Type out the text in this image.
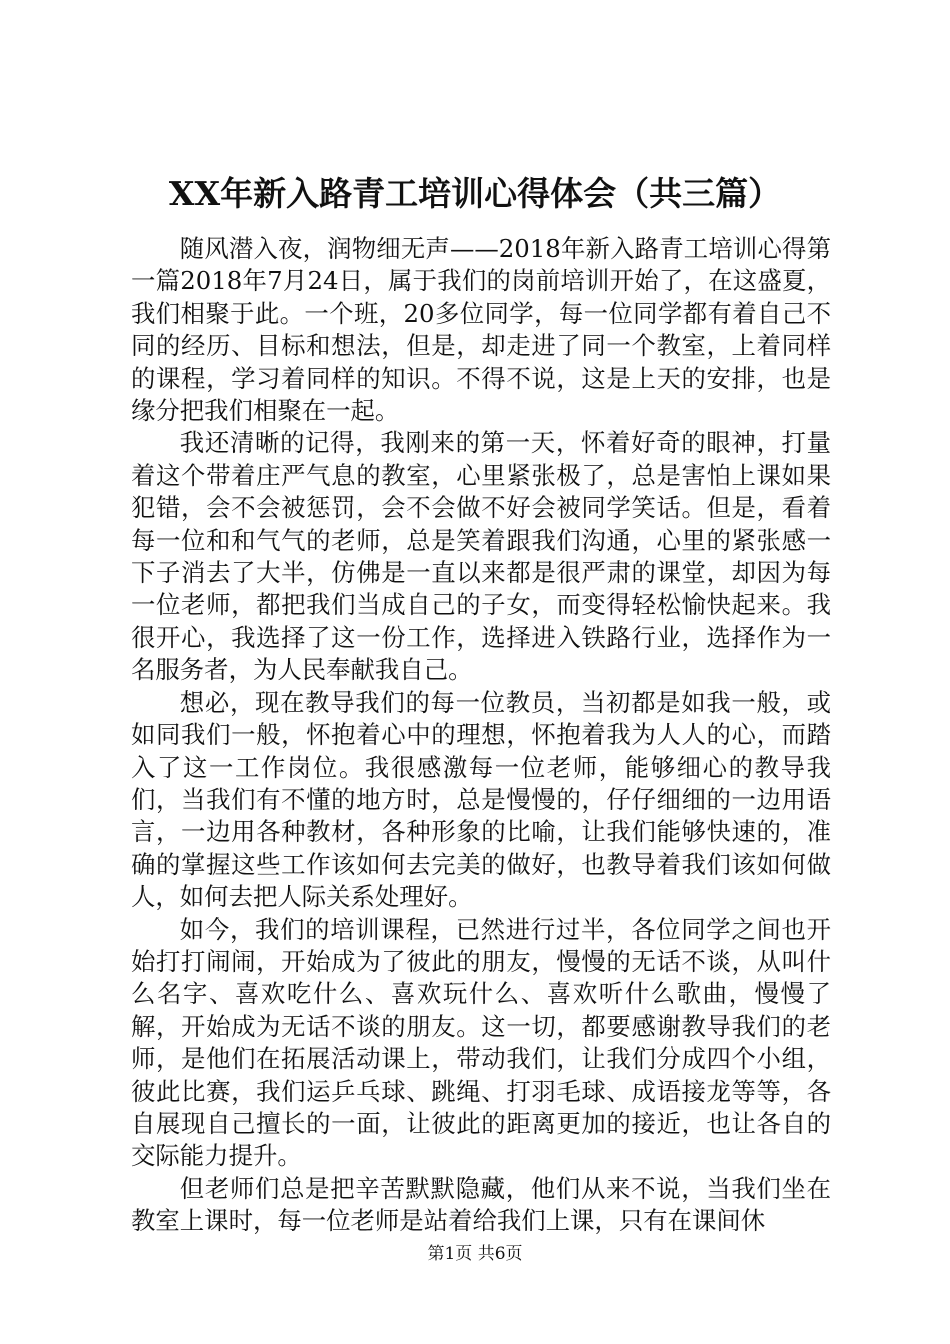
XX年新入路青工培训心得体会（共三篇）

随风潜入夜，润物细无声——2018年新入路青工培训心得第一篇2018年7月24日，属于我们的岗前培训开始了，在这盛夏，我们相聚于此。一个班，20多位同学，每一位同学都有着自己不同的经历、目标和想法，但是，却走进了同一个教室，上着同样的课程，学习着同样的知识。不得不说，这是上天的安排，也是缘分把我们相聚在一起。

我还清晰的记得，我刚来的第一天，怀着好奇的眼神，打量着这个带着庄严气息的教室，心里紧张极了，总是害怕上课如果犯错，会不会被惩罚，会不会做不好会被同学笑话。但是，看着每一位和和气气的老师，总是笑着跟我们沟通，心里的紧张感一下子消去了大半，仿佛是一直以来都是很严肃的课堂，却因为每一位老师，都把我们当成自己的子女，而变得轻松愉快起来。我很开心，我选择了这一份工作，选择进入铁路行业，选择作为一名服务者，为人民奉献我自己。

想必，现在教导我们的每一位教员，当初都是如我一般，或如同我们一般，怀抱着心中的理想，怀抱着我为人人的心，而踏入了这一工作岗位。我很感激每一位老师，能够细心的教导我们，当我们有不懂的地方时，总是慢慢的，仔仔细细的一边用语言，一边用各种教材，各种形象的比喻，让我们能够快速的，准确的掌握这些工作该如何去完美的做好，也教导着我们该如何做人，如何去把人际关系处理好。

如今，我们的培训课程，已然进行过半，各位同学之间也开始打打闹闹，开始成为了彼此的朋友，慢慢的无话不谈，从叫什么名字、喜欢吃什么、喜欢玩什么、喜欢听什么歌曲，慢慢了解，开始成为无话不谈的朋友。这一切，都要感谢教导我们的老师，是他们在拓展活动课上，带动我们，让我们分成四个小组，彼此比赛，我们运乒乓球、跳绳、打羽毛球、成语接龙等等，各自展现自己擅长的一面，让彼此的距离更加的接近，也让各自的交际能力提升。

但老师们总是把辛苦默默隐藏，他们从来不说，当我们坐在教室上课时，每一位老师是站着给我们上课，只有在课间休

第1页 共6页
